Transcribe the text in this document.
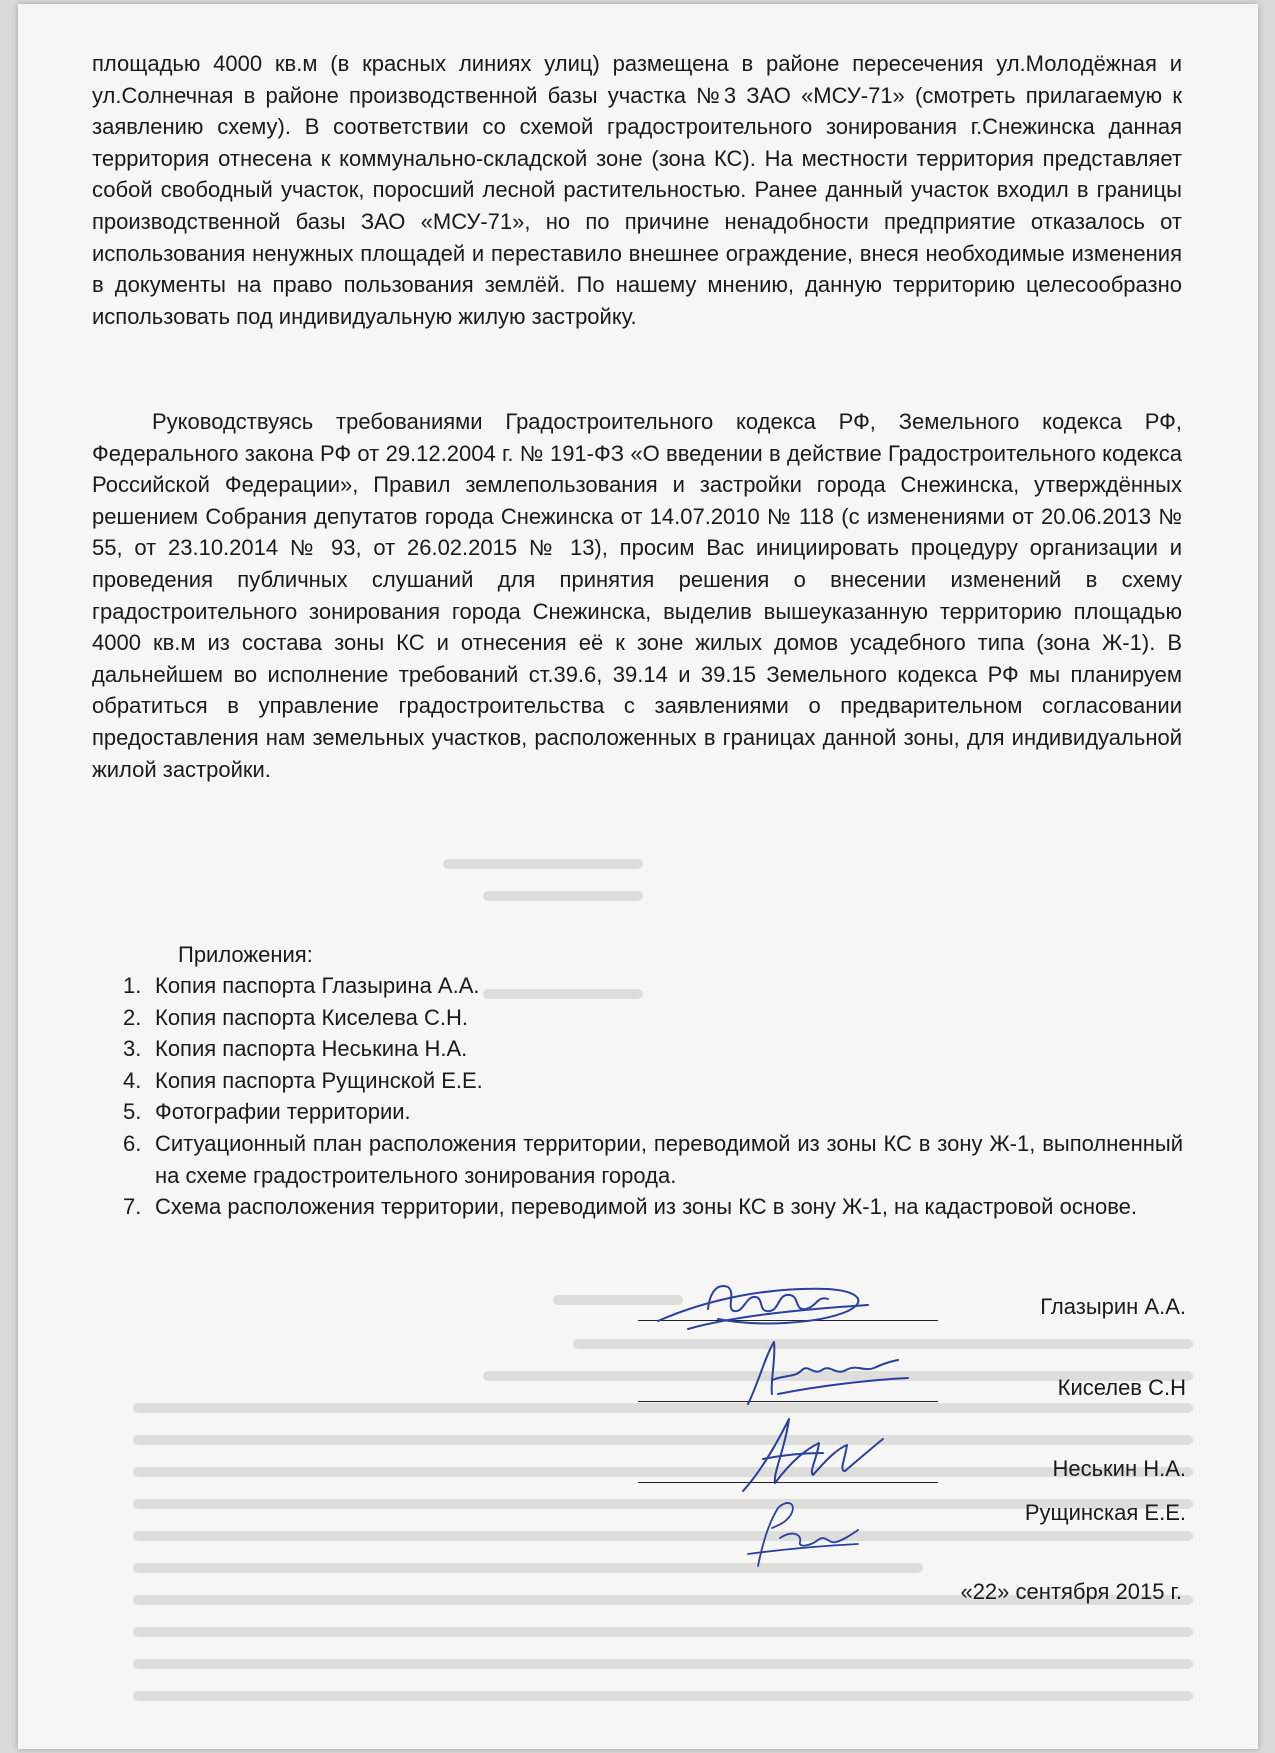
площадью 4000 кв.м (в красных линиях улиц) размещена в районе пересечения ул.Молодёжная и ул.Солнечная в районе производственной базы участка №3 ЗАО «МСУ-71» (смотреть прилагаемую к заявлению схему). В соответствии со схемой градостроительного зонирования г.Снежинска данная территория отнесена к коммунально-складской зоне (зона КС). На местности территория представляет собой свободный участок, поросший лесной растительностью. Ранее данный участок входил в границы производственной базы ЗАО «МСУ-71», но по причине ненадобности предприятие отказалось от использования ненужных площадей и переставило внешнее ограждение, внеся необходимые изменения в документы на право пользования землёй. По нашему мнению, данную территорию целесообразно использовать под индивидуальную жилую застройку.

Руководствуясь требованиями Градостроительного кодекса РФ, Земельного кодекса РФ, Федерального закона РФ от 29.12.2004 г. № 191-ФЗ «О введении в действие Градостроительного кодекса Российской Федерации», Правил землепользования и застройки города Снежинска, утверждённых решением Собрания депутатов города Снежинска от 14.07.2010 № 118 (с изменениями от 20.06.2013 № 55, от 23.10.2014 № 93, от 26.02.2015 № 13), просим Вас инициировать процедуру организации и проведения публичных слушаний для принятия решения о внесении изменений в схему градостроительного зонирования города Снежинска, выделив вышеуказанную территорию площадью 4000 кв.м из состава зоны КС и отнесения её к зоне жилых домов усадебного типа (зона Ж-1). В дальнейшем во исполнение требований ст.39.6, 39.14 и 39.15 Земельного кодекса РФ мы планируем обратиться в управление градостроительства с заявлениями о предварительном согласовании предоставления нам земельных участков, расположенных в границах данной зоны, для индивидуальной жилой застройки.

Приложения:
1. Копия паспорта Глазырина А.А.
2. Копия паспорта Киселева С.Н.
3. Копия паспорта Неськина Н.А.
4. Копия паспорта Рущинской Е.Е.
5. Фотографии территории.
6. Ситуационный план расположения территории, переводимой из зоны КС в зону Ж-1, выполненный на схеме градостроительного зонирования города.
7. Схема расположения территории, переводимой из зоны КС в зону Ж-1, на кадастровой основе.
Глазырин А.А.
Киселев С.Н
Неськин Н.А.
Рущинская Е.Е.
«22» сентября 2015 г.
